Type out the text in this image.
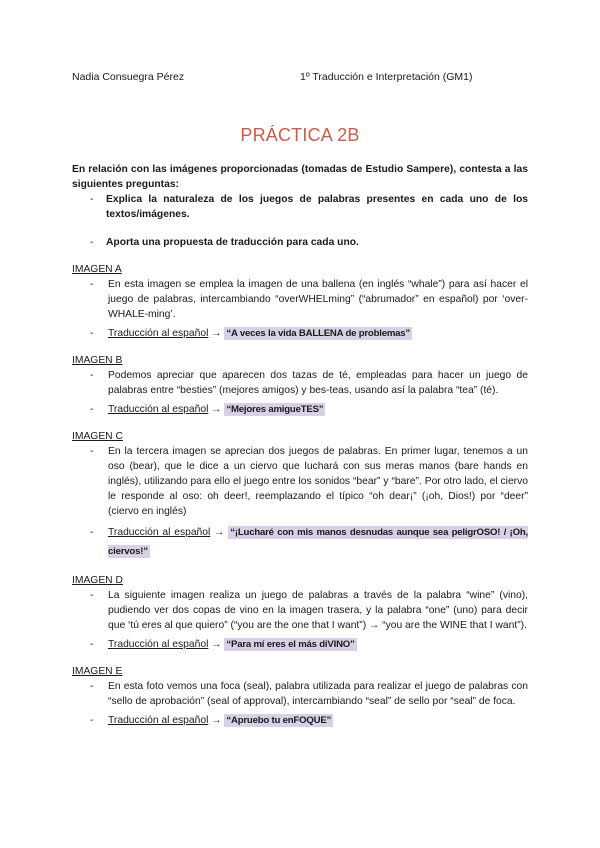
Nadia Consuegra Pérez	1º Traducción e Interpretación (GM1)
PRÁCTICA 2B

En relación con las imágenes proporcionadas (tomadas de Estudio Sampere), contesta a las siguientes preguntas:

- Explica la naturaleza de los juegos de palabras presentes en cada uno de los textos/imágenes.
- Aporta una propuesta de traducción para cada uno.
IMAGEN A
- En esta imagen se emplea la imagen de una ballena (en inglés “whale”) para así hacer el juego de palabras, intercambiando “overWHELming” (“abrumador” en español) por ‘over-WHALE-ming’.
- Traducción al español → “A veces la vida BALLENA de problemas”
IMAGEN B
- Podemos apreciar que aparecen dos tazas de té, empleadas para hacer un juego de palabras entre “besties” (mejores amigos) y bes-teas, usando así la palabra “tea” (té).
- Traducción al español → “Mejores amigueTES”
IMAGEN C
- En la tercera imagen se aprecian dos juegos de palabras. En primer lugar, tenemos a un oso (bear), que le dice a un ciervo que luchará con sus meras manos (bare hands en inglés), utilizando para ello el juego entre los sonidos “bear” y “bare”. Por otro lado, el ciervo le responde al oso: oh deer!, reemplazando el típico “oh dear¡” (¡oh, Dios!) por “deer” (ciervo en inglés)
- Traducción al español → “¡Lucharé con mis manos desnudas aunque sea peligrOSO! / ¡Oh, ciervos!”
IMAGEN D
- La siguiente imagen realiza un juego de palabras a través de la palabra “wine” (vino), pudiendo ver dos copas de vino en la imagen trasera, y la palabra “one” (uno) para decir que ‘tú eres al que quiero” (“you are the one that I want”) → “you are the WINE that I want”).
- Traducción al español → “Para mí eres el más diVINO”
IMAGEN E
- En esta foto vemos una foca (seal), palabra utilizada para realizar el juego de palabras con “sello de aprobación” (seal of approval), intercambiando “seal” de sello por “seal” de foca.
- Traducción al español → “Apruebo tu enFOQUE”
